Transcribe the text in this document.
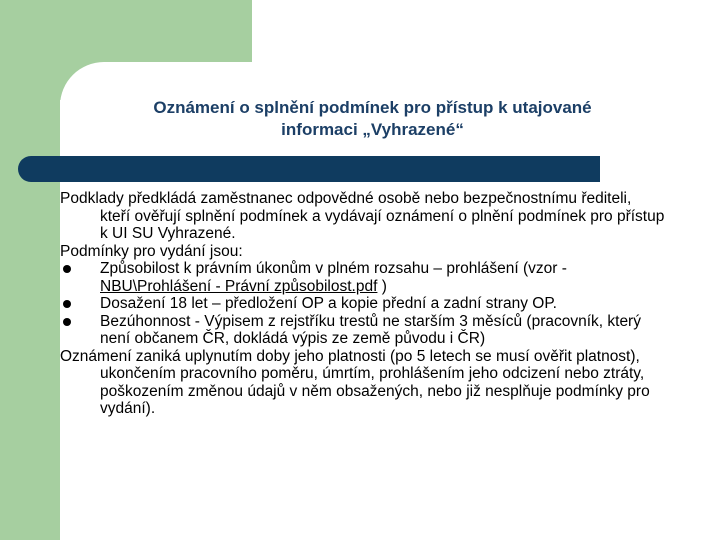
Oznámení o splnění podmínek pro přístup k utajované
informaci „Vyhrazené“

Podklady předkládá zaměstnanec odpovědné osobě nebo bezpečnostnímu řediteli, kteří ověřují splnění podmínek a vydávají oznámení o plnění podmínek pro přístup k UI SU Vyhrazené.

Podmínky pro vydání jsou:

Způsobilost k právním úkonům v plném rozsahu – prohlášení (vzor - NBU\Prohlášení - Právní způsobilost.pdf )

Dosažení 18 let – předložení OP a kopie přední a zadní strany OP.

Bezúhonnost - Výpisem z rejstříku trestů ne starším 3 měsíců (pracovník, který není občanem ČR, dokládá výpis ze země původu i ČR)

Oznámení zaniká uplynutím doby jeho platnosti (po 5 letech se musí ověřit platnost), ukončením pracovního poměru, úmrtím, prohlášením jeho odcizení nebo ztráty, poškozením změnou údajů v něm obsažených, nebo již nesplňuje podmínky pro vydání).
